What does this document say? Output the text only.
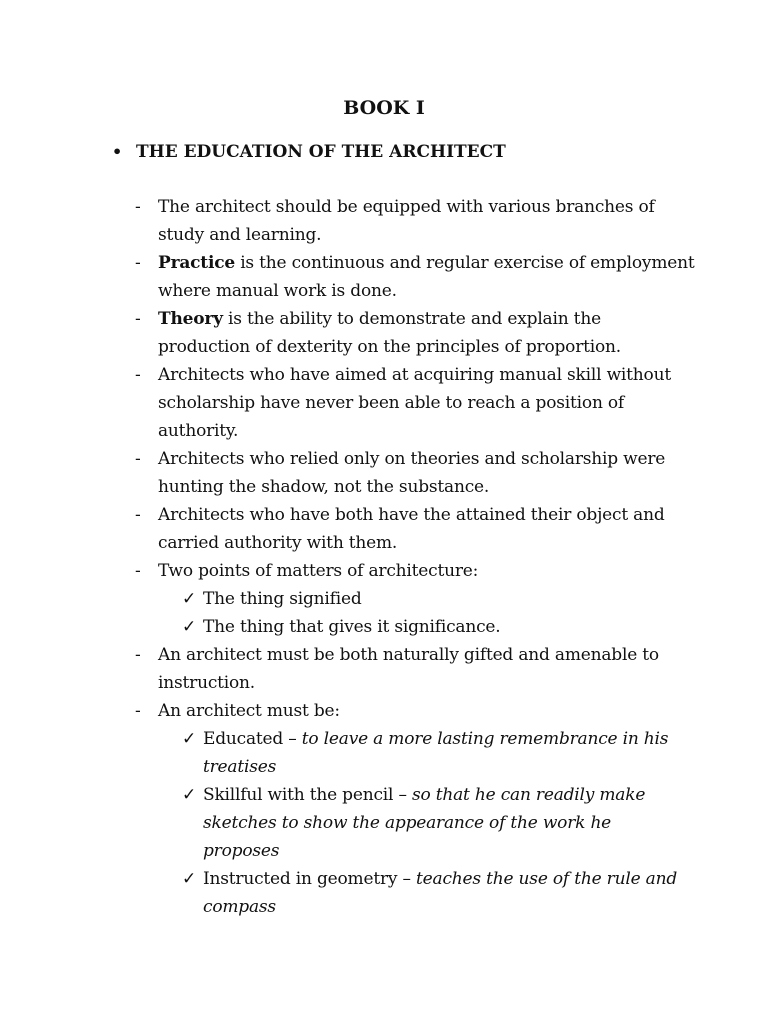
BOOK I
• THE EDUCATION OF THE ARCHITECT
- The architect should be equipped with various branches of study and learning.
- Practice is the continuous and regular exercise of employment where manual work is done.
- Theory is the ability to demonstrate and explain the production of dexterity on the principles of proportion.
- Architects who have aimed at acquiring manual skill without scholarship have never been able to reach a position of authority.
- Architects who relied only on theories and scholarship were hunting the shadow, not the substance.
- Architects who have both have the attained their object and carried authority with them.
- Two points of matters of architecture:
✓ The thing signified
✓ The thing that gives it significance.
- An architect must be both naturally gifted and amenable to instruction.
- An architect must be:
✓ Educated – to leave a more lasting remembrance in his treatises
✓ Skillful with the pencil – so that he can readily make sketches to show the appearance of the work he proposes
✓ Instructed in geometry – teaches the use of the rule and compass
